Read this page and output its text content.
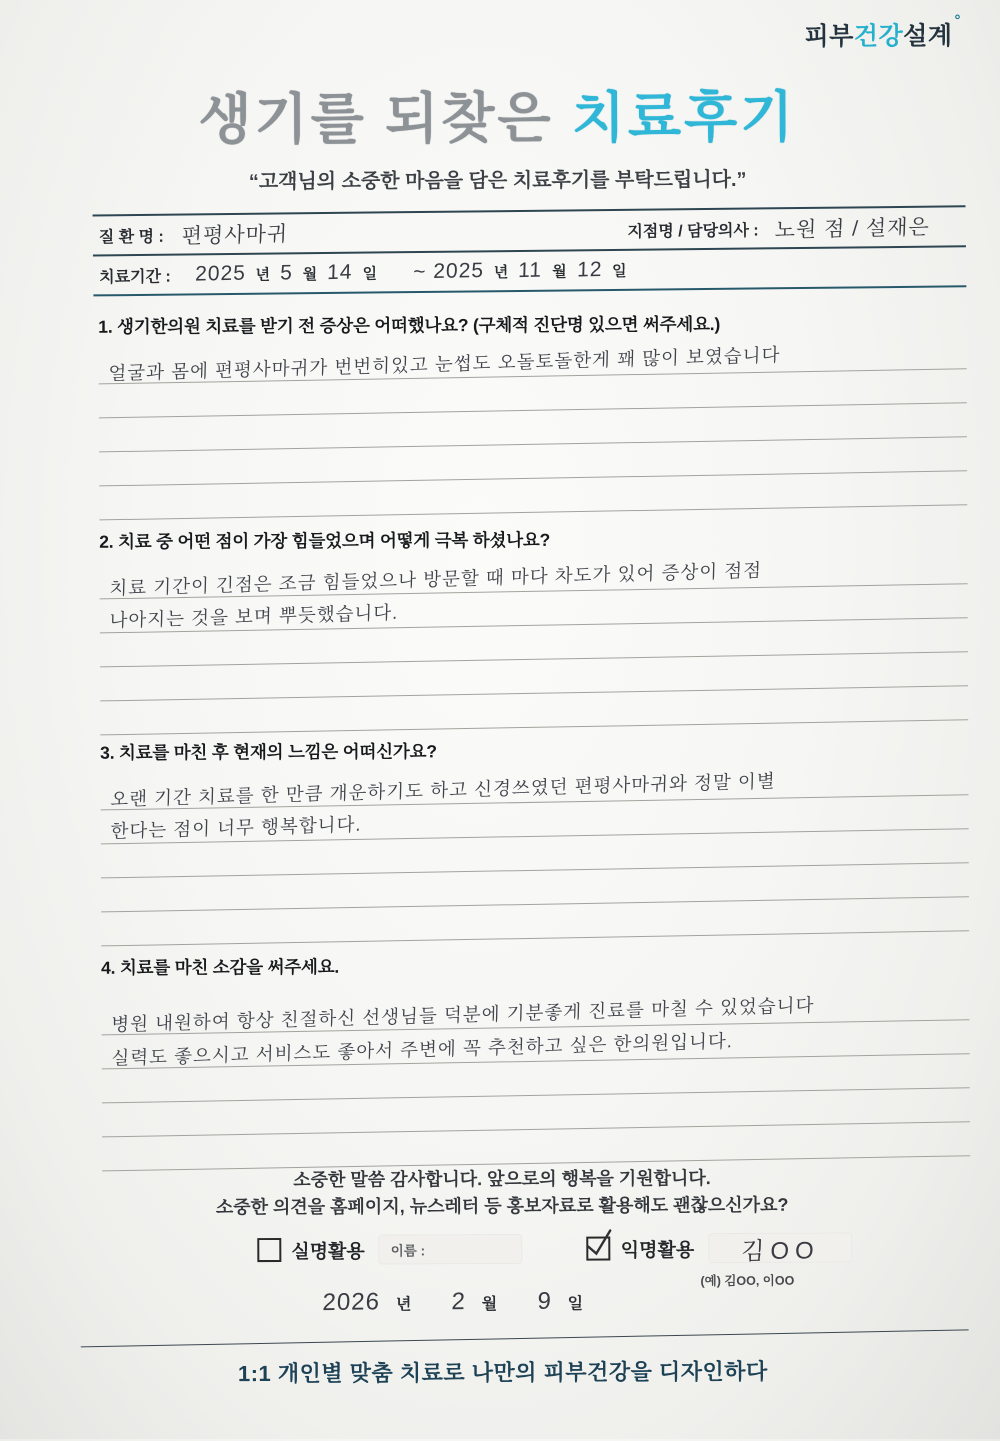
피부건강설계°
생기를 되찾은 치료후기
“고객님의 소중한 마음을 담은 치료후기를 부탁드립니다.”
질 환 명 : 편평사마귀	지점명 / 담당의사 : 노원 점 / 설재은
치료기간 : 2025 년 5 월 14 일 ~ 2025 년 11 월 12 일
1. 생기한의원 치료를 받기 전 증상은 어떠했나요? (구체적 진단명 있으면 써주세요.)
얼굴과 몸에 편평사마귀가 번번히있고 눈썹도 오돌토돌한게 꽤 많이 보였습니다
2. 치료 중 어떤 점이 가장 힘들었으며 어떻게 극복 하셨나요?
치료 기간이 긴점은 조금 힘들었으나 방문할 때 마다 차도가 있어 증상이 점점
나아지는 것을 보며 뿌듯했습니다.
3. 치료를 마친 후 현재의 느낌은 어떠신가요?
오랜 기간 치료를 한 만큼 개운하기도 하고 신경쓰였던 편평사마귀와 정말 이별
한다는 점이 너무 행복합니다.
4. 치료를 마친 소감을 써주세요.
병원 내원하여 항상 친절하신 선생님들 덕분에 기분좋게 진료를 마칠 수 있었습니다
실력도 좋으시고 서비스도 좋아서 주변에 꼭 추천하고 싶은 한의원입니다.
소중한 말씀 감사합니다. 앞으로의 행복을 기원합니다.
소중한 의견을 홈페이지, 뉴스레터 등 홍보자료로 활용해도 괜찮으신가요?
실명활용 이름 :	익명활용 김OO
(예) 김OO, 이OO
2026 년 2 월 9 일
1:1 개인별 맞춤 치료로 나만의 피부건강을 디자인하다
